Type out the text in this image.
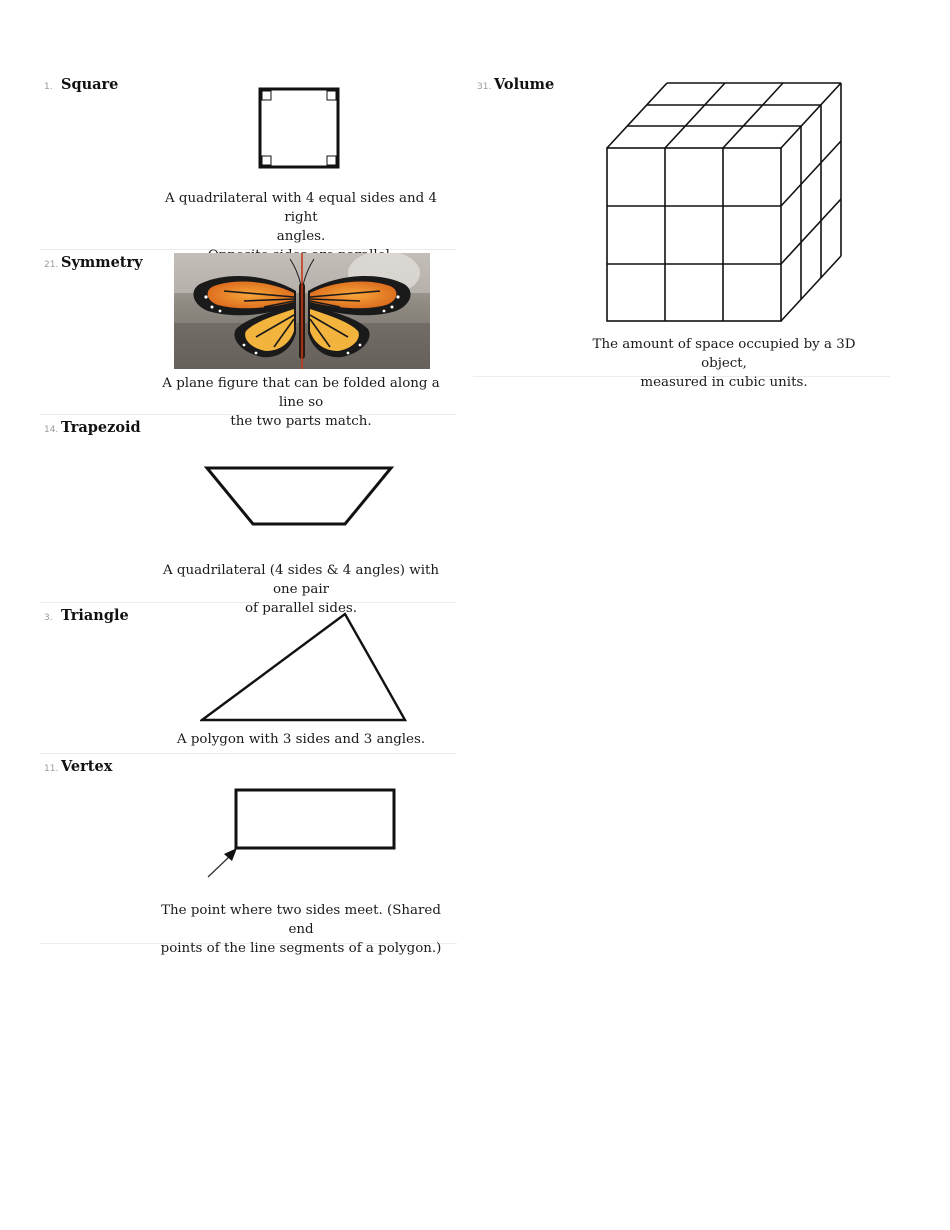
1. Square
A quadrilateral with 4 equal sides and 4 right
angles.
21. Symmetry
A plane figure that can be folded along a line so
the two parts match.
14. Trapezoid
A quadrilateral (4 sides & 4 angles) with one pair
of parallel sides.
3. Triangle
A polygon with 3 sides and 3 angles.
11. Vertex
The point where two sides meet. (Shared end
points of the line segments of a polygon.)
31. Volume
The amount of space occupied by a 3D object,
measured in cubic units.
